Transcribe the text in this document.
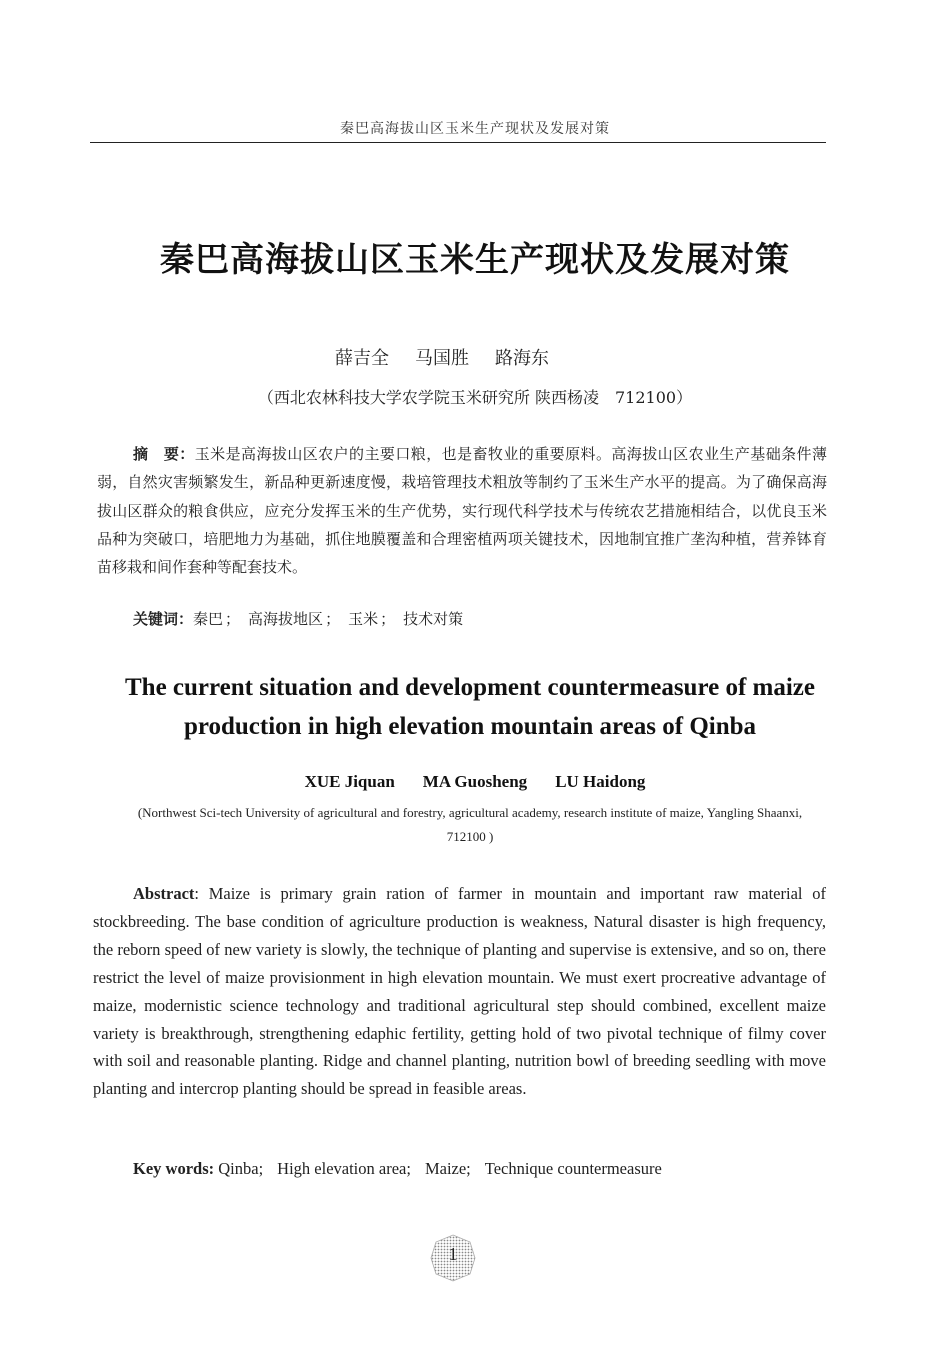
秦巴高海拔山区玉米生产现状及发展对策
秦巴高海拔山区玉米生产现状及发展对策
薛吉全 马国胜 路海东
（西北农林科技大学农学院玉米研究所 陕西杨凌　712100）
摘　要：玉米是高海拔山区农户的主要口粮，也是畜牧业的重要原料。高海拔山区农业生产基础条件薄弱，自然灾害频繁发生，新品种更新速度慢，栽培管理技术粗放等制约了玉米生产水平的提高。为了确保高海拔山区群众的粮食供应，应充分发挥玉米的生产优势，实行现代科学技术与传统农艺措施相结合，以优良玉米品种为突破口，培肥地力为基础，抓住地膜覆盖和合理密植两项关键技术，因地制宜推广垄沟种植，营养钵育苗移栽和间作套种等配套技术。
关键词：秦巴 ； 高海拔地区 ； 玉米 ； 技术对策
The current situation and development countermeasure of maize production in high elevation mountain areas of Qinba
XUE Jiquan MA Guosheng LU Haidong
(Northwest Sci-tech University of agricultural and forestry, agricultural academy, research institute of maize, Yangling Shaanxi, 712100 )
Abstract: Maize is primary grain ration of farmer in mountain and important raw material of stockbreeding. The base condition of agriculture production is weakness, Natural disaster is high frequency, the reborn speed of new variety is slowly, the technique of planting and supervise is extensive, and so on, there restrict the level of maize provisionment in high elevation mountain. We must exert procreative advantage of maize, modernistic science technology and traditional agricultural step should combined, excellent maize variety is breakthrough, strengthening edaphic fertility, getting hold of two pivotal technique of filmy cover with soil and reasonable planting. Ridge and channel planting, nutrition bowl of breeding seedling with move planting and intercrop planting should be spread in feasible areas.
Key words: Qinba; High elevation area; Maize; Technique countermeasure
1
